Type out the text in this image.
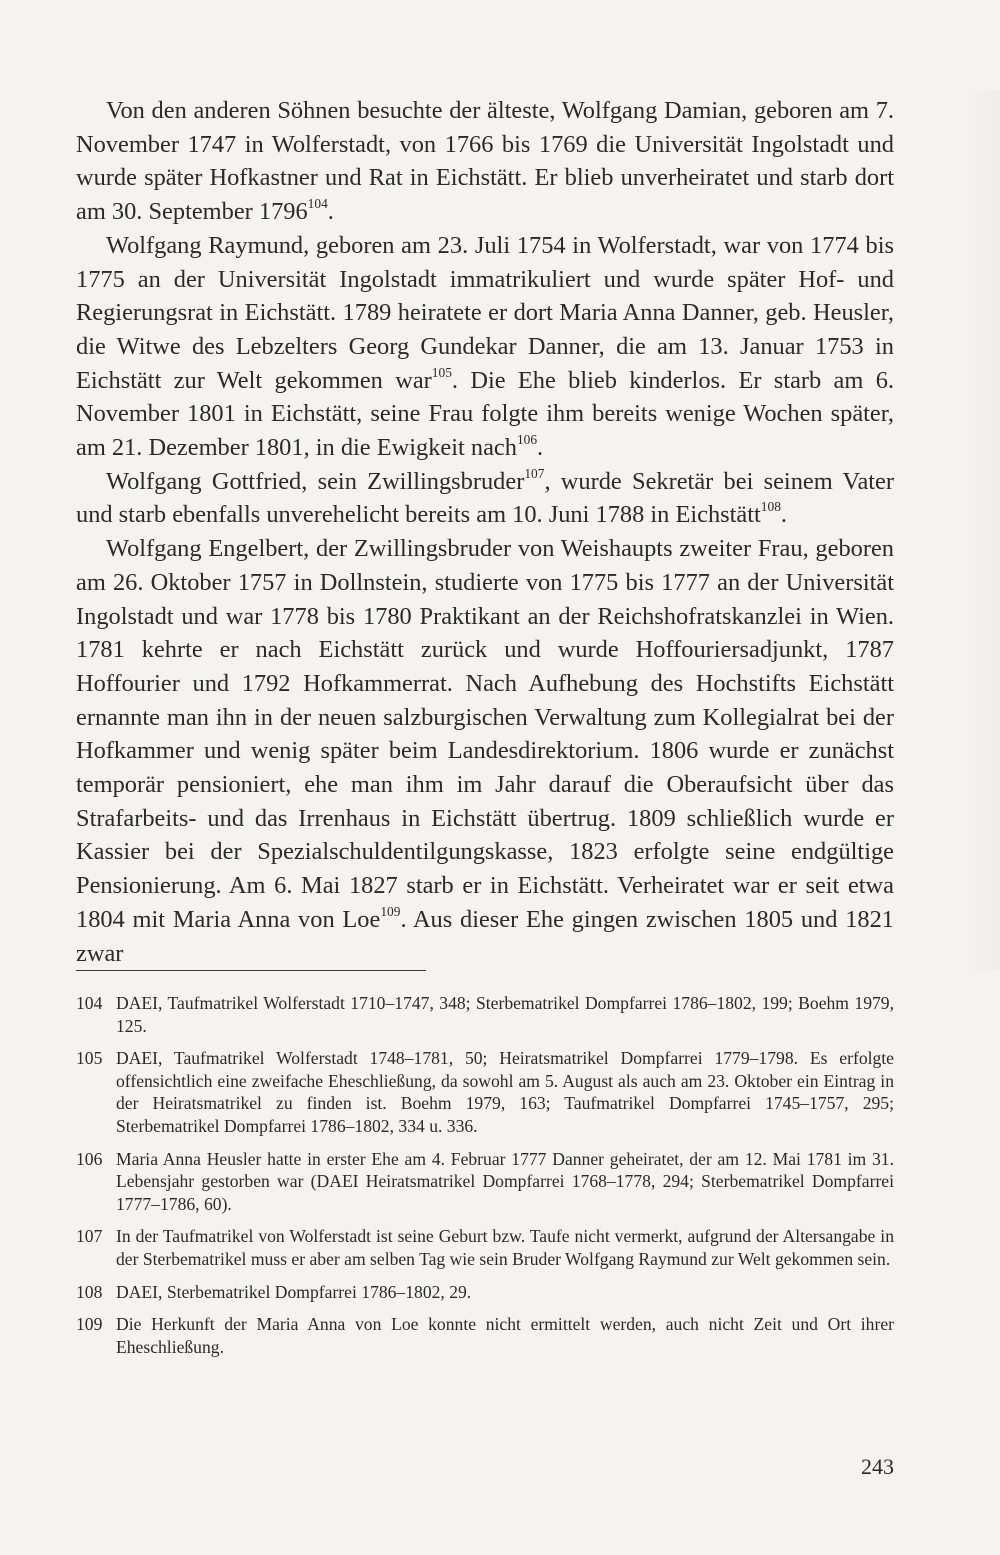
Von den anderen Söhnen besuchte der älteste, Wolfgang Damian, geboren am 7. November 1747 in Wolferstadt, von 1766 bis 1769 die Universität Ingolstadt und wurde später Hofkastner und Rat in Eichstätt. Er blieb unverheiratet und starb dort am 30. September 1796$^{104}$.

Wolfgang Raymund, geboren am 23. Juli 1754 in Wolferstadt, war von 1774 bis 1775 an der Universität Ingolstadt immatrikuliert und wurde später Hof- und Regierungsrat in Eichstätt. 1789 heiratete er dort Maria Anna Danner, geb. Heusler, die Witwe des Lebzelters Georg Gundekar Danner, die am 13. Januar 1753 in Eichstätt zur Welt gekommen war$^{105}$. Die Ehe blieb kinderlos. Er starb am 6. November 1801 in Eichstätt, seine Frau folgte ihm bereits wenige Wochen später, am 21. Dezember 1801, in die Ewigkeit nach$^{106}$.

Wolfgang Gottfried, sein Zwillingsbruder$^{107}$, wurde Sekretär bei seinem Vater und starb ebenfalls unverehelicht bereits am 10. Juni 1788 in Eichstätt$^{108}$.

Wolfgang Engelbert, der Zwillingsbruder von Weishaupts zweiter Frau, geboren am 26. Oktober 1757 in Dollnstein, studierte von 1775 bis 1777 an der Universität Ingolstadt und war 1778 bis 1780 Praktikant an der Reichshofratskanzlei in Wien. 1781 kehrte er nach Eichstätt zurück und wurde Hoffouriersadjunkt, 1787 Hoffourier und 1792 Hofkammerrat. Nach Aufhebung des Hochstifts Eichstätt ernannte man ihn in der neuen salzburgischen Verwaltung zum Kollegialrat bei der Hofkammer und wenig später beim Landesdirektorium. 1806 wurde er zunächst temporär pensioniert, ehe man ihm im Jahr darauf die Oberaufsicht über das Strafarbeits- und das Irrenhaus in Eichstätt übertrug. 1809 schließlich wurde er Kassier bei der Spezialschuldentilgungskasse, 1823 erfolgte seine endgültige Pensionierung. Am 6. Mai 1827 starb er in Eichstätt. Verheiratet war er seit etwa 1804 mit Maria Anna von Loe$^{109}$. Aus dieser Ehe gingen zwischen 1805 und 1821 zwar

104 DAEI, Taufmatrikel Wolferstadt 1710–1747, 348; Sterbematrikel Dompfarrei 1786–1802, 199; Boehm 1979, 125.
105 DAEI, Taufmatrikel Wolferstadt 1748–1781, 50; Heiratsmatrikel Dompfarrei 1779–1798. Es erfolgte offensichtlich eine zweifache Eheschließung, da sowohl am 5. August als auch am 23. Oktober ein Eintrag in der Heiratsmatrikel zu finden ist. Boehm 1979, 163; Taufmatrikel Dompfarrei 1745–1757, 295; Sterbematrikel Dompfarrei 1786–1802, 334 u. 336.
106 Maria Anna Heusler hatte in erster Ehe am 4. Februar 1777 Danner geheiratet, der am 12. Mai 1781 im 31. Lebensjahr gestorben war (DAEI Heiratsmatrikel Dompfarrei 1768–1778, 294; Sterbematrikel Dompfarrei 1777–1786, 60).
107 In der Taufmatrikel von Wolferstadt ist seine Geburt bzw. Taufe nicht vermerkt, aufgrund der Altersangabe in der Sterbematrikel muss er aber am selben Tag wie sein Bruder Wolfgang Raymund zur Welt gekommen sein.
108 DAEI, Sterbematrikel Dompfarrei 1786–1802, 29.
109 Die Herkunft der Maria Anna von Loe konnte nicht ermittelt werden, auch nicht Zeit und Ort ihrer Eheschließung.
243
